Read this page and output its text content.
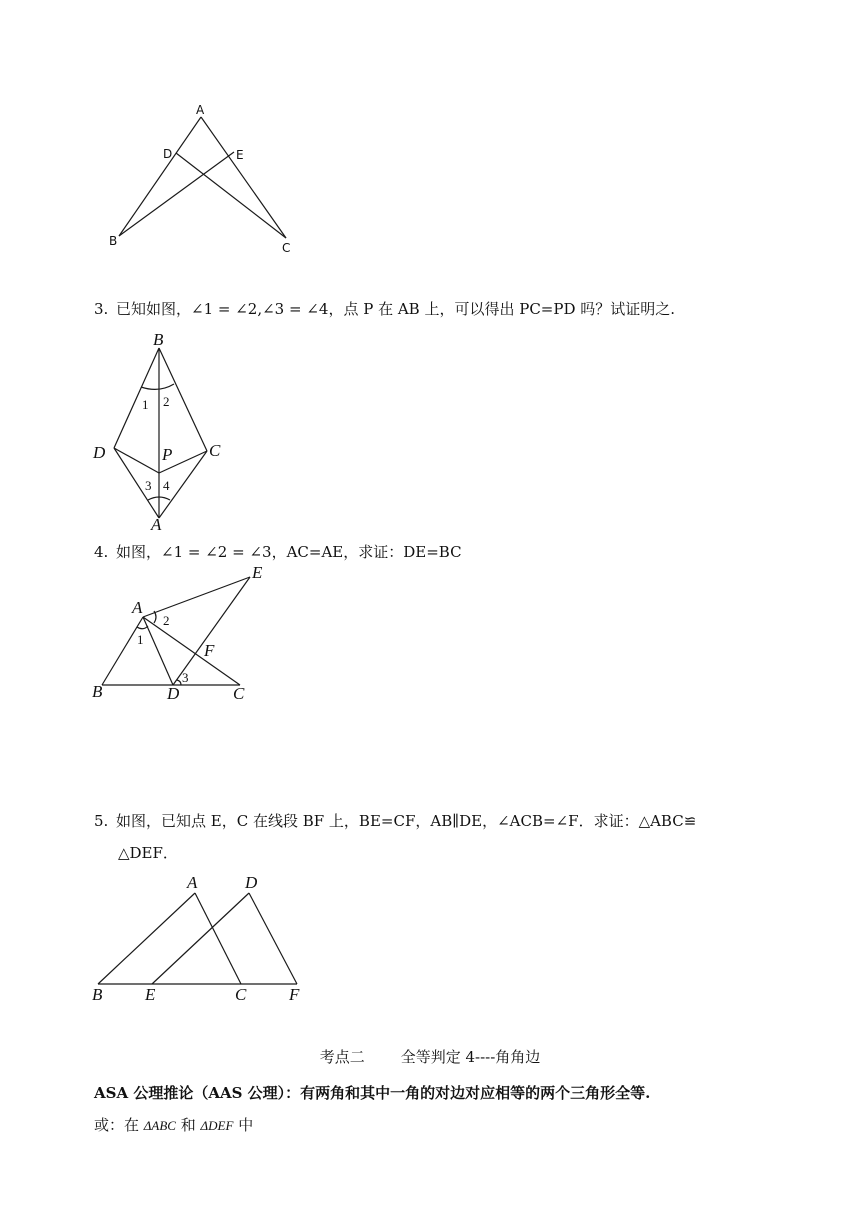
A
D	E
B	C
3. 已知如图，∠1 = ∠2,∠3 = ∠4，点 P 在 AB 上，可以得出 PC=PD 吗？试证明之.
B
D	C
P
A
1 2
3 4
4. 如图，∠1 = ∠2 = ∠3，AC=AE，求证：DE=BC
E
A
2
1
F
3
B	D	C
5. 如图，已知点 E，C 在线段 BF 上，BE=CF，AB∥DE，∠ACB=∠F．求证：△ABC≌
△DEF．
A	D
B	E	C	F
考点二 全等判定 4----角角边
ASA 公理推论（AAS 公理）：有两角和其中一角的对边对应相等的两个三角形全等.
或：在 ΔABC 和 ΔDEF 中
